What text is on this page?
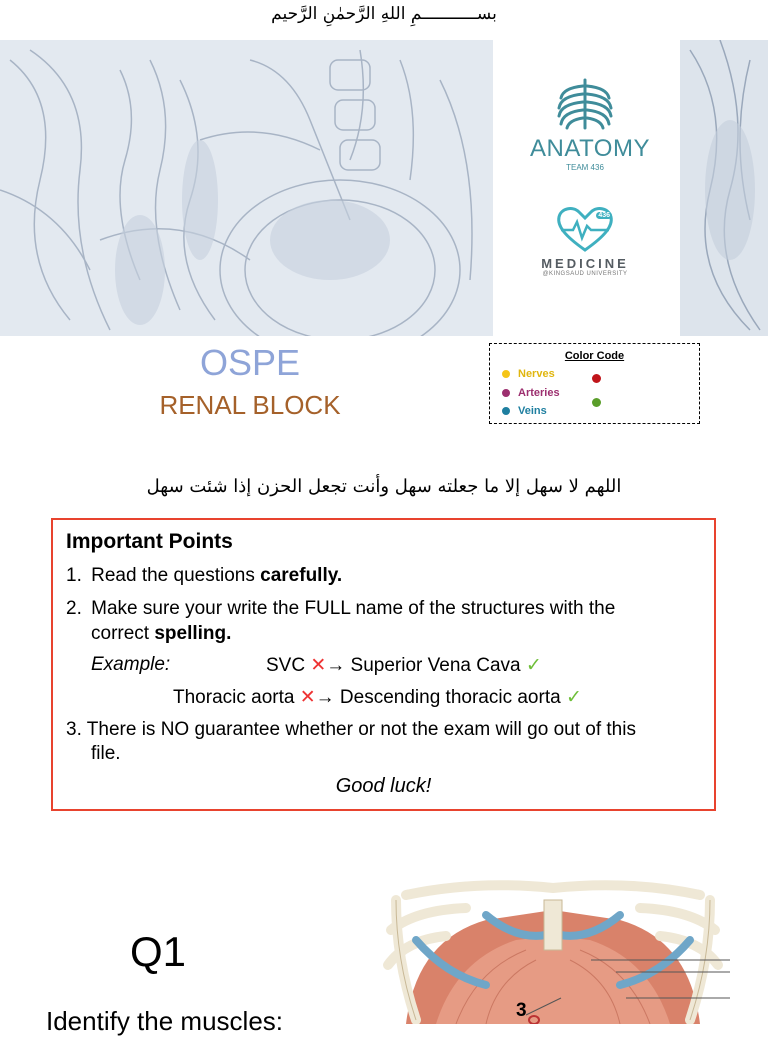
بســـــــــــمِ اللهِ الرَّحمٰنِ الرَّحيم
ANATOMY
TEAM 436
436
MEDICINE
@KINGSAUD UNIVERSITY
OSPE
RENAL BLOCK
Color Code
Nerves
Arteries
Veins
اللهم لا سهل إلا ما جعلته سهل وأنت تجعل الحزن إذا شئت سهل
Important Points
1. Read the questions carefully.
2. Make sure your write the FULL name of the structures with the
correct spelling.
Example:	SVC ✕→ Superior Vena Cava ✓
Thoracic aorta ✕→ Descending thoracic aorta ✓
3. There is NO guarantee whether or not the exam will go out of this
file.
Good luck!
Q1
Identify the muscles:	3
